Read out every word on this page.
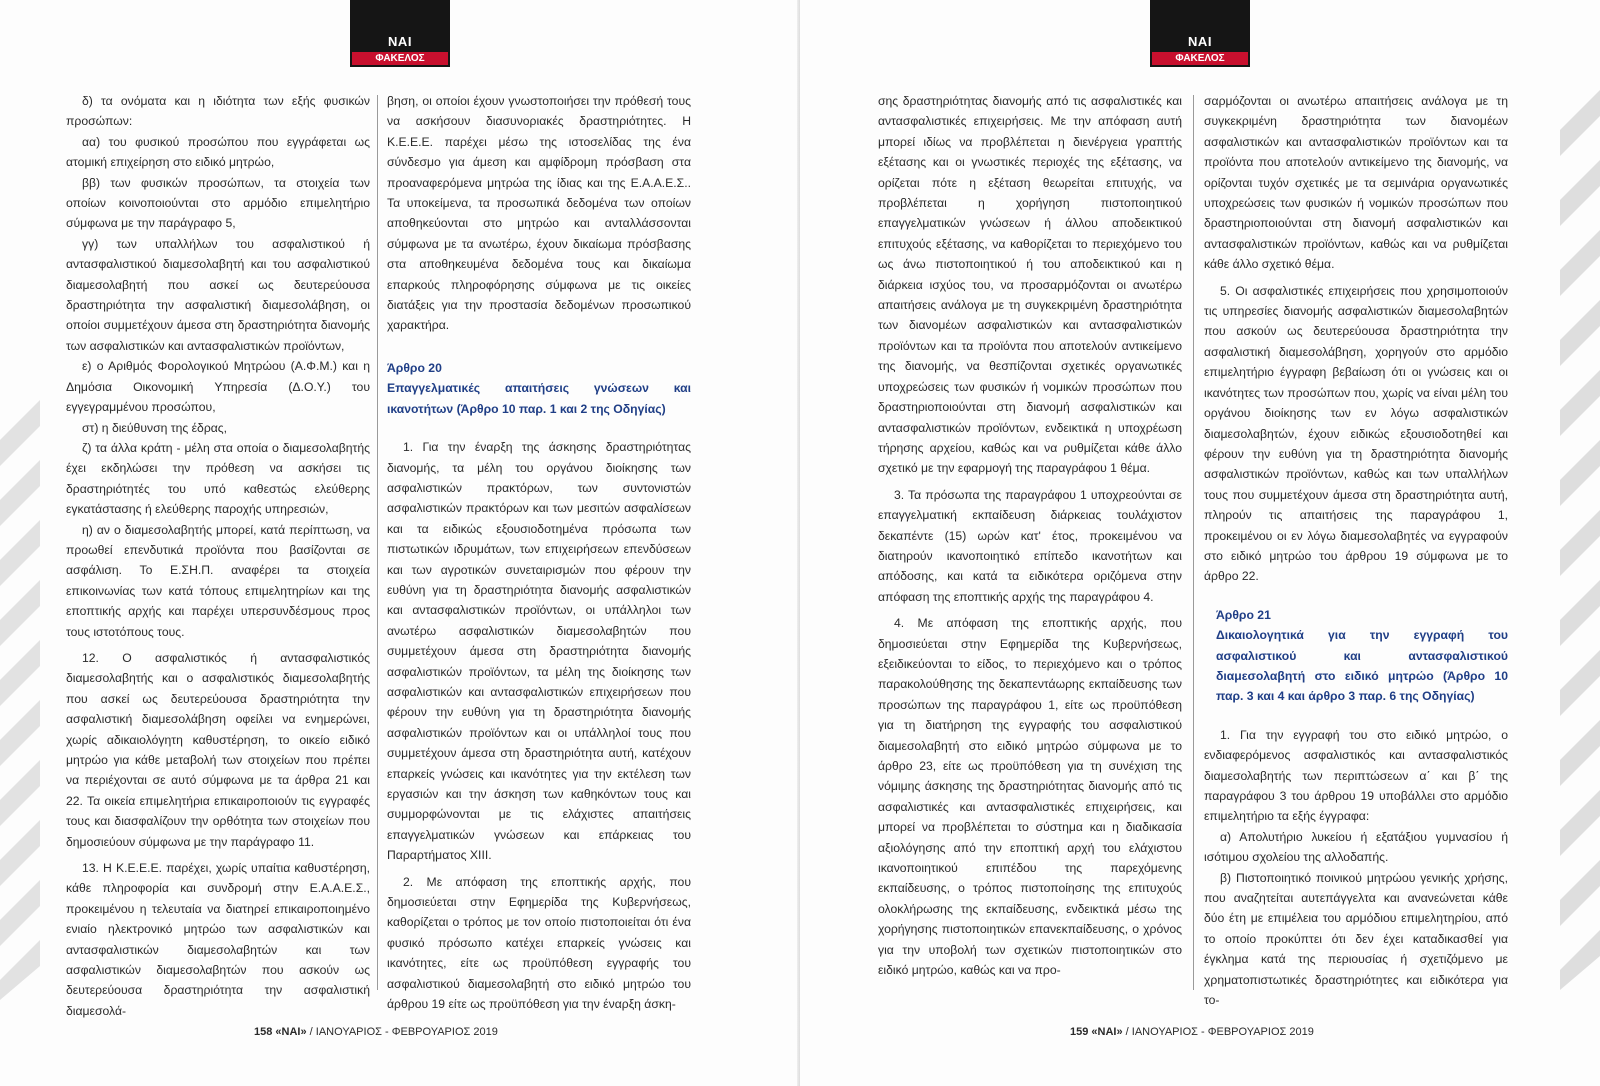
ΝΑΙ
ΦΑΚΕΛΟΣ

δ) τα ονόματα και η ιδιότητα των εξής φυσικών προσώπων:

αα) του φυσικού προσώπου που εγγράφεται ως ατομική επιχείρηση στο ειδικό μητρώο,

ββ) των φυσικών προσώπων, τα στοιχεία των οποίων κοινοποιούνται στο αρμόδιο επιμελητήριο σύμφωνα με την παράγραφο 5,

γγ) των υπαλλήλων του ασφαλιστικού ή αντασφαλιστικού διαμεσολαβητή και του ασφαλιστικού διαμεσολαβητή που ασκεί ως δευτερεύουσα δραστηριότητα την ασφαλιστική διαμεσολάβηση, οι οποίοι συμμετέχουν άμεσα στη δραστηριότητα διανομής των ασφαλιστικών και αντασφαλιστικών προϊόντων,

ε) ο Αριθμός Φορολογικού Μητρώου (Α.Φ.Μ.) και η Δημόσια Οικονομική Υπηρεσία (Δ.Ο.Υ.) του εγγεγραμμένου προσώπου,

στ) η διεύθυνση της έδρας,

ζ) τα άλλα κράτη - μέλη στα οποία ο διαμεσολαβητής έχει εκδηλώσει την πρόθεση να ασκήσει τις δραστηριότητές του υπό καθεστώς ελεύθερης εγκατάστασης ή ελεύθερης παροχής υπηρεσιών,

η) αν ο διαμεσολαβητής μπορεί, κατά περίπτωση, να προωθεί επενδυτικά προϊόντα που βασίζονται σε ασφάλιση. Το Ε.ΣΗ.Π. αναφέρει τα στοιχεία επικοινωνίας των κατά τόπους επιμελητηρίων και της εποπτικής αρχής και παρέχει υπερσυνδέσμους προς τους ιστοτόπους τους.

12. Ο ασφαλιστικός ή αντασφαλιστικός διαμεσολαβητής και ο ασφαλιστικός διαμεσολαβητής που ασκεί ως δευτερεύουσα δραστηριότητα την ασφαλιστική διαμεσολάβηση οφείλει να ενημερώνει, χωρίς αδικαιολόγητη καθυστέρηση, το οικείο ειδικό μητρώο για κάθε μεταβολή των στοιχείων που πρέπει να περιέχονται σε αυτό σύμφωνα με τα άρθρα 21 και 22. Τα οικεία επιμελητήρια επικαιροποιούν τις εγγραφές τους και διασφαλίζουν την ορθότητα των στοιχείων που δημοσιεύουν σύμφωνα με την παράγραφο 11.

13. Η Κ.Ε.Ε.Ε. παρέχει, χωρίς υπαίτια καθυστέρηση, κάθε πληροφορία και συνδρομή στην Ε.Α.Α.Ε.Σ., προκειμένου η τελευταία να διατηρεί επικαιροποιημένο ενιαίο ηλεκτρονικό μητρώο των ασφαλιστικών και αντασφαλιστικών διαμεσολαβητών και των ασφαλιστικών διαμεσολαβητών που ασκούν ως δευτερεύουσα δραστηριότητα την ασφαλιστική διαμεσολά-

βηση, οι οποίοι έχουν γνωστοποιήσει την πρόθεσή τους να ασκήσουν διασυνοριακές δραστηριότητες. Η Κ.Ε.Ε.Ε. παρέχει μέσω της ιστοσελίδας της ένα σύνδεσμο για άμεση και αμφίδρομη πρόσβαση στα προαναφερόμενα μητρώα της ίδιας και της Ε.Α.Α.Ε.Σ.. Τα υποκείμενα, τα προσωπικά δεδομένα των οποίων αποθηκεύονται στο μητρώο και ανταλλάσσονται σύμφωνα με τα ανωτέρω, έχουν δικαίωμα πρόσβασης στα αποθηκευμένα δεδομένα τους και δικαίωμα επαρκούς πληροφόρησης σύμφωνα με τις οικείες διατάξεις για την προστασία δεδομένων προσωπικού χαρακτήρα.

Άρθρο 20

Επαγγελματικές απαιτήσεις γνώσεων και ικανοτήτων (Άρθρο 10 παρ. 1 και 2 της Οδηγίας)

1. Για την έναρξη της άσκησης δραστηριότητας διανομής, τα μέλη του οργάνου διοίκησης των ασφαλιστικών πρακτόρων, των συντονιστών ασφαλιστικών πρακτόρων και των μεσιτών ασφαλίσεων και τα ειδικώς εξουσιοδοτημένα πρόσωπα των πιστωτικών ιδρυμάτων, των επιχειρήσεων επενδύσεων και των αγροτικών συνεταιρισμών που φέρουν την ευθύνη για τη δραστηριότητα διανομής ασφαλιστικών και αντασφαλιστικών προϊόντων, οι υπάλληλοι των ανωτέρω ασφαλιστικών διαμεσολαβητών που συμμετέχουν άμεσα στη δραστηριότητα διανομής ασφαλιστικών προϊόντων, τα μέλη της διοίκησης των ασφαλιστικών και αντασφαλιστικών επιχειρήσεων που φέρουν την ευθύνη για τη δραστηριότητα διανομής ασφαλιστικών προϊόντων και οι υπάλληλοί τους που συμμετέχουν άμεσα στη δραστηριότητα αυτή, κατέχουν επαρκείς γνώσεις και ικανότητες για την εκτέλεση των εργασιών και την άσκηση των καθηκόντων τους και συμμορφώνονται με τις ελάχιστες απαιτήσεις επαγγελματικών γνώσεων και επάρκειας του Παραρτήματος XIII.

2. Με απόφαση της εποπτικής αρχής, που δημοσιεύεται στην Εφημερίδα της Κυβερνήσεως, καθορίζεται ο τρόπος με τον οποίο πιστοποιείται ότι ένα φυσικό πρόσωπο κατέχει επαρκείς γνώσεις και ικανότητες, είτε ως προϋπόθεση εγγραφής του ασφαλιστικού διαμεσολαβητή στο ειδικό μητρώο του άρθρου 19 είτε ως προϋπόθεση για την έναρξη άσκη-

158 «ΝΑΙ» / ΙΑΝΟΥΑΡΙΟΣ - ΦΕΒΡΟΥΑΡΙΟΣ 2019
ΝΑΙ
ΦΑΚΕΛΟΣ

σης δραστηριότητας διανομής από τις ασφαλιστικές και αντασφαλιστικές επιχειρήσεις. Με την απόφαση αυτή μπορεί ιδίως να προβλέπεται η διενέργεια γραπτής εξέτασης και οι γνωστικές περιοχές της εξέτασης, να ορίζεται πότε η εξέταση θεωρείται επιτυχής, να προβλέπεται η χορήγηση πιστοποιητικού επαγγελματικών γνώσεων ή άλλου αποδεικτικού επιτυχούς εξέτασης, να καθορίζεται το περιεχόμενο του ως άνω πιστοποιητικού ή του αποδεικτικού και η διάρκεια ισχύος του, να προσαρμόζονται οι ανωτέρω απαιτήσεις ανάλογα με τη συγκεκριμένη δραστηριότητα των διανομέων ασφαλιστικών και αντασφαλιστικών προϊόντων και τα προϊόντα που αποτελούν αντικείμενο της διανομής, να θεσπίζονται σχετικές οργανωτικές υποχρεώσεις των φυσικών ή νομικών προσώπων που δραστηριοποιούνται στη διανομή ασφαλιστικών και αντασφαλιστικών προϊόντων, ενδεικτικά η υποχρέωση τήρησης αρχείου, καθώς και να ρυθμίζεται κάθε άλλο σχετικό με την εφαρμογή της παραγράφου 1 θέμα.

3. Τα πρόσωπα της παραγράφου 1 υποχρεούνται σε επαγγελματική εκπαίδευση διάρκειας τουλάχιστον δεκαπέντε (15) ωρών κατ' έτος, προκειμένου να διατηρούν ικανοποιητικό επίπεδο ικανοτήτων και απόδοσης, και κατά τα ειδικότερα οριζόμενα στην απόφαση της εποπτικής αρχής της παραγράφου 4.

4. Με απόφαση της εποπτικής αρχής, που δημοσιεύεται στην Εφημερίδα της Κυβερνήσεως, εξειδικεύονται το είδος, το περιεχόμενο και ο τρόπος παρακολούθησης της δεκαπεντάωρης εκπαίδευσης των προσώπων της παραγράφου 1, είτε ως προϋπόθεση για τη διατήρηση της εγγραφής του ασφαλιστικού διαμεσολαβητή στο ειδικό μητρώο σύμφωνα με το άρθρο 23, είτε ως προϋπόθεση για τη συνέχιση της νόμιμης άσκησης της δραστηριότητας διανομής από τις ασφαλιστικές και αντασφαλιστικές επιχειρήσεις, και μπορεί να προβλέπεται το σύστημα και η διαδικασία αξιολόγησης από την εποπτική αρχή του ελάχιστου ικανοποιητικού επιπέδου της παρεχόμενης εκπαίδευσης, ο τρόπος πιστοποίησης της επιτυχούς ολοκλήρωσης της εκπαίδευσης, ενδεικτικά μέσω της χορήγησης πιστοποιητικών επανεκπαίδευσης, ο χρόνος για την υποβολή των σχετικών πιστοποιητικών στο ειδικό μητρώο, καθώς και να προ-

σαρμόζονται οι ανωτέρω απαιτήσεις ανάλογα με τη συγκεκριμένη δραστηριότητα των διανομέων ασφαλιστικών και αντασφαλιστικών προϊόντων και τα προϊόντα που αποτελούν αντικείμενο της διανομής, να ορίζονται τυχόν σχετικές με τα σεμινάρια οργανωτικές υποχρεώσεις των φυσικών ή νομικών προσώπων που δραστηριοποιούνται στη διανομή ασφαλιστικών και αντασφαλιστικών προϊόντων, καθώς και να ρυθμίζεται κάθε άλλο σχετικό θέμα.

5. Οι ασφαλιστικές επιχειρήσεις που χρησιμοποιούν τις υπηρεσίες διανομής ασφαλιστικών διαμεσολαβητών που ασκούν ως δευτερεύουσα δραστηριότητα την ασφαλιστική διαμεσολάβηση, χορηγούν στο αρμόδιο επιμελητήριο έγγραφη βεβαίωση ότι οι γνώσεις και οι ικανότητες των προσώπων που, χωρίς να είναι μέλη του οργάνου διοίκησης των εν λόγω ασφαλιστικών διαμεσολαβητών, έχουν ειδικώς εξουσιοδοτηθεί και φέρουν την ευθύνη για τη δραστηριότητα διανομής ασφαλιστικών προϊόντων, καθώς και των υπαλλήλων τους που συμμετέχουν άμεσα στη δραστηριότητα αυτή, πληρούν τις απαιτήσεις της παραγράφου 1, προκειμένου οι εν λόγω διαμεσολαβητές να εγγραφούν στο ειδικό μητρώο του άρθρου 19 σύμφωνα με το άρθρο 22.

Άρθρο 21

Δικαιολογητικά για την εγγραφή του ασφαλιστικού και αντασφαλιστικού διαμεσολαβητή στο ειδικό μητρώο (Άρθρο 10 παρ. 3 και 4 και άρθρο 3 παρ. 6 της Οδηγίας)

1. Για την εγγραφή του στο ειδικό μητρώο, ο ενδιαφερόμενος ασφαλιστικός και αντασφαλιστικός διαμεσολαβητής των περιπτώσεων α΄ και β΄ της παραγράφου 3 του άρθρου 19 υποβάλλει στο αρμόδιο επιμελητήριο τα εξής έγγραφα:

α) Απολυτήριο λυκείου ή εξατάξιου γυμνασίου ή ισότιμου σχολείου της αλλοδαπής.

β) Πιστοποιητικό ποινικού μητρώου γενικής χρήσης, που αναζητείται αυτεπάγγελτα και ανανεώνεται κάθε δύο έτη με επιμέλεια του αρμόδιου επιμελητηρίου, από το οποίο προκύπτει ότι δεν έχει καταδικασθεί για έγκλημα κατά της περιουσίας ή σχετιζόμενο με χρηματοπιστωτικές δραστηριότητες και ειδικότερα για το-

159 «ΝΑΙ» / ΙΑΝΟΥΑΡΙΟΣ - ΦΕΒΡΟΥΑΡΙΟΣ 2019
